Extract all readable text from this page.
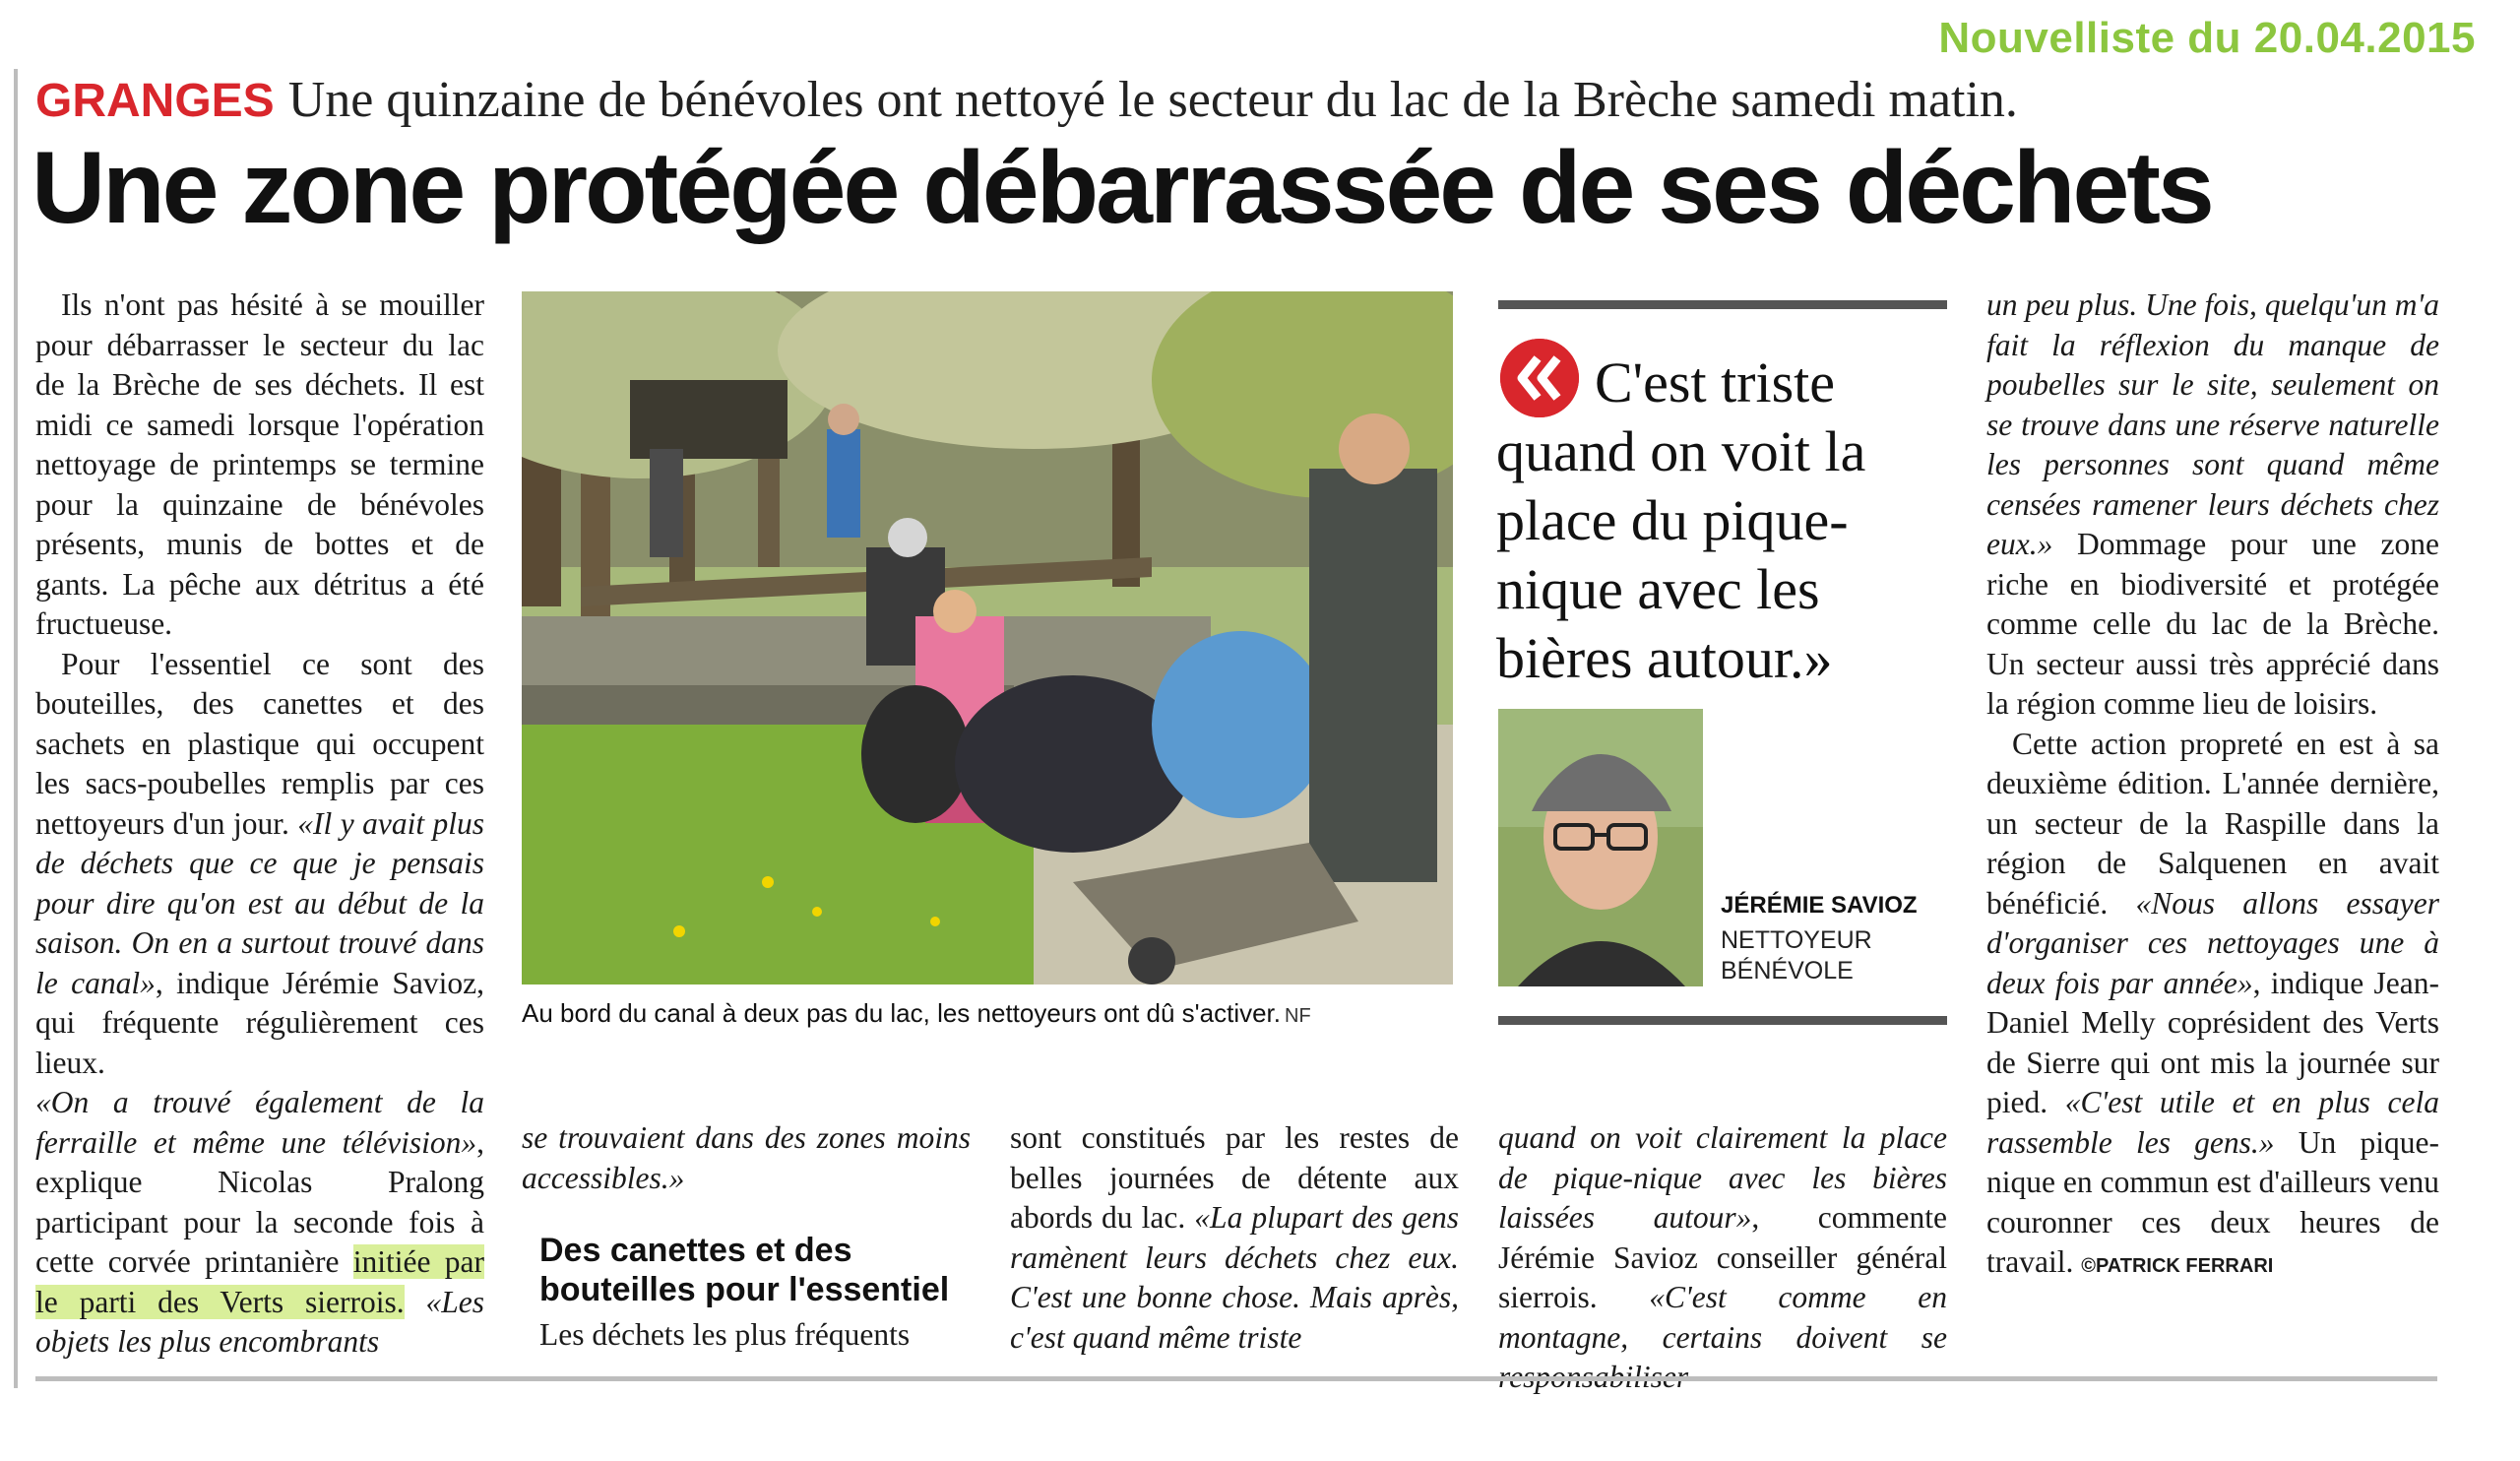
Nouvelliste du 20.04.2015
GRANGES Une quinzaine de bénévoles ont nettoyé le secteur du lac de la Brèche samedi matin.
Une zone protégée débarrassée de ses déchets

Ils n'ont pas hésité à se mouiller pour débarrasser le secteur du lac de la Brèche de ses déchets. Il est midi ce samedi lorsque l'opération nettoyage de printemps se termine pour la quinzaine de bénévoles présents, munis de bottes et de gants. La pêche aux détritus a été fructueuse.

Pour l'essentiel ce sont des bouteilles, des canettes et des sachets en plastique qui occupent les sacs-poubelles remplis par ces nettoyeurs d'un jour. «Il y avait plus de déchets que ce que je pensais pour dire qu'on est au début de la saison. On en a surtout trouvé dans le canal», indique Jérémie Savioz, qui fréquente régulièrement ces lieux.

«On a trouvé également de la ferraille et même une télévision», explique Nicolas Pralong participant pour la seconde fois à cette corvée printanière initiée par le parti des Verts sierrois. «Les objets les plus encombrants

Au bord du canal à deux pas du lac, les nettoyeurs ont dû s'activer. NF

se trouvaient dans des zones moins accessibles.»

Des canettes et des bouteilles pour l'essentiel

Les déchets les plus fréquents

sont constitués par les restes de belles journées de détente aux abords du lac. «La plupart des gens ramènent leurs déchets chez eux. C'est une bonne chose. Mais après, c'est quand même triste

C'est triste quand on voit la place du pique-nique avec les bières autour.»
JÉRÉMIE SAVIOZ
NETTOYEUR
BÉNÉVOLE

quand on voit clairement la place de pique-nique avec les bières laissées autour», commente Jérémie Savioz conseiller général sierrois. «C'est comme en montagne, certains doivent se

un peu plus. Une fois, quelqu'un m'a fait la réflexion du manque de poubelles sur le site, seulement on se trouve dans une réserve naturelle les personnes sont quand même censées ramener leurs déchets chez eux.» Dommage pour une zone riche en biodiversité et protégée comme celle du lac de la Brèche. Un secteur aussi très apprécié dans la région comme lieu de loisirs.

Cette action propreté en est à sa deuxième édition. L'année dernière, un secteur de la Raspille dans la région de Salquenen en avait bénéficié. «Nous allons essayer d'organiser ces nettoyages une à deux fois par année», indique Jean-Daniel Melly coprésident des Verts de Sierre qui ont mis la journée sur pied. «C'est utile et en plus cela rassemble les gens.» Un pique-nique en commun est d'ailleurs venu couronner ces deux heures de travail. ©PATRICK FERRARI
